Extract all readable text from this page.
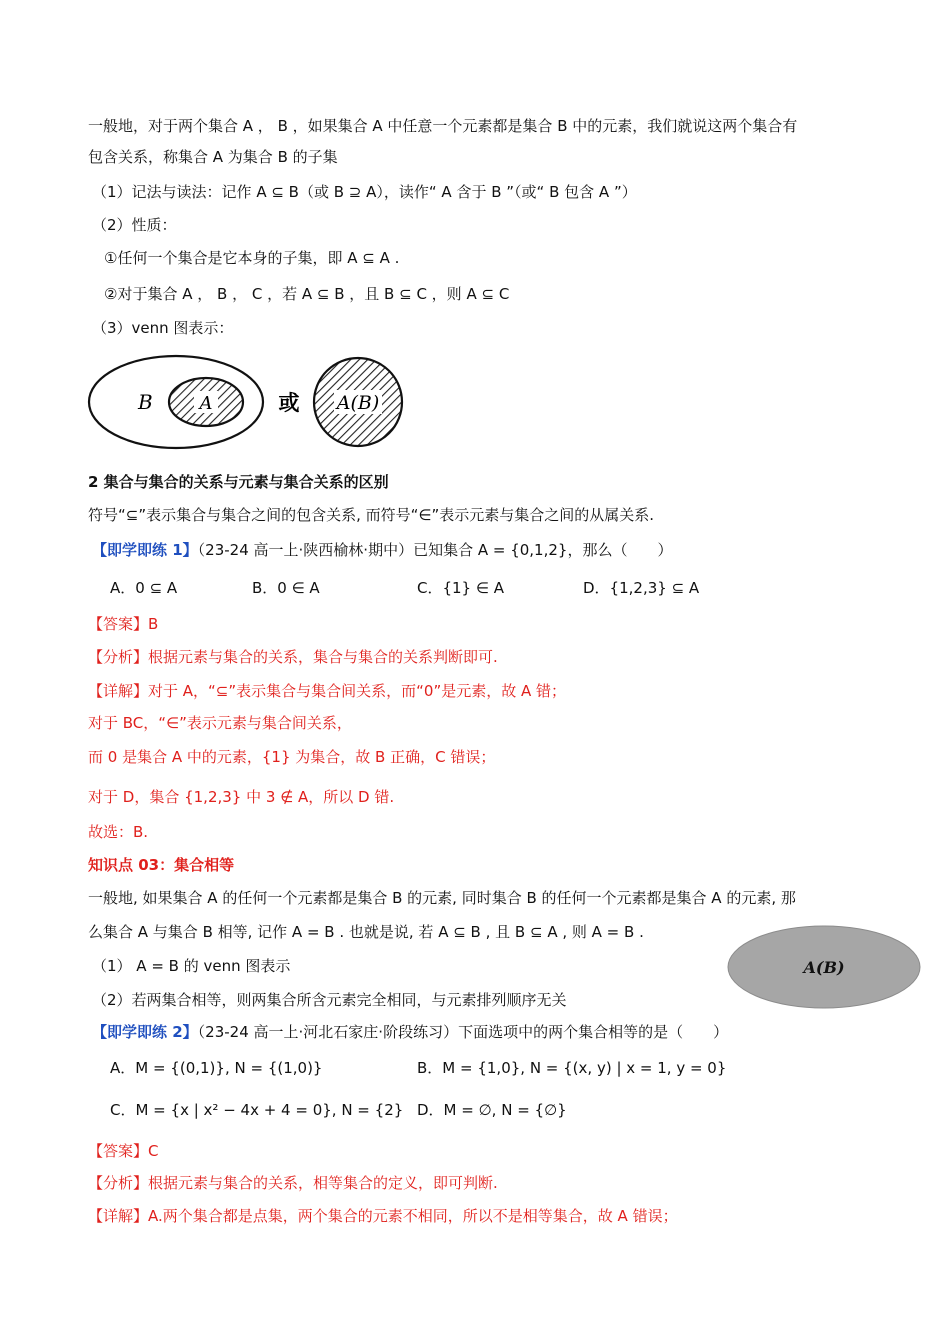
一般地，对于两个集合 A ， B ，如果集合 A 中任意一个元素都是集合 B 中的元素，我们就说这两个集合有
包含关系，称集合 A 为集合 B 的子集
（1）记法与读法：记作 A ⊆ B（或 B ⊇ A），读作“ A 含于 B ”（或“ B 包含 A ”）
（2）性质：
①任何一个集合是它本身的子集，即 A ⊆ A .
②对于集合 A ， B ， C ，若 A ⊆ B ，且 B ⊆ C ，则 A ⊆ C
（3）venn 图表示：
B	A	或 A(B)
2 集合与集合的关系与元素与集合关系的区别
符号“⊆”表示集合与集合之间的包含关系, 而符号“∈”表示元素与集合之间的从属关系.
【即学即练 1】（23-24 高一上·陕西榆林·期中）已知集合 A = {0,1,2}，那么（　　）
A．0 ⊆ A	B．0 ∈ A	C．{1} ∈ A	D．{1,2,3} ⊆ A
【答案】B
【分析】根据元素与集合的关系，集合与集合的关系判断即可.
【详解】对于 A，“⊆”表示集合与集合间关系，而“0”是元素，故 A 错；
对于 BC，“∈”表示元素与集合间关系，
而 0 是集合 A 中的元素，{1} 为集合，故 B 正确，C 错误；
对于 D，集合 {1,2,3} 中 3 ∉ A，所以 D 错.
故选：B.
知识点 03：集合相等
一般地, 如果集合 A 的任何一个元素都是集合 B 的元素, 同时集合 B 的任何一个元素都是集合 A 的元素, 那
么集合 A 与集合 B 相等, 记作 A = B . 也就是说, 若 A ⊆ B , 且 B ⊆ A , 则 A = B .
（1） A = B 的 venn 图表示
（2）若两集合相等，则两集合所含元素完全相同，与元素排列顺序无关
A(B)
【即学即练 2】（23-24 高一上·河北石家庄·阶段练习）下面选项中的两个集合相等的是（　　）
A．M = {(0,1)}, N = {(1,0)}	B．M = {1,0}, N = {(x, y) | x = 1, y = 0}
C．M = {x | x² − 4x + 4 = 0}, N = {2} D．M = ∅, N = {∅}
【答案】C
【分析】根据元素与集合的关系，相等集合的定义，即可判断.
【详解】A.两个集合都是点集，两个集合的元素不相同，所以不是相等集合，故 A 错误；
